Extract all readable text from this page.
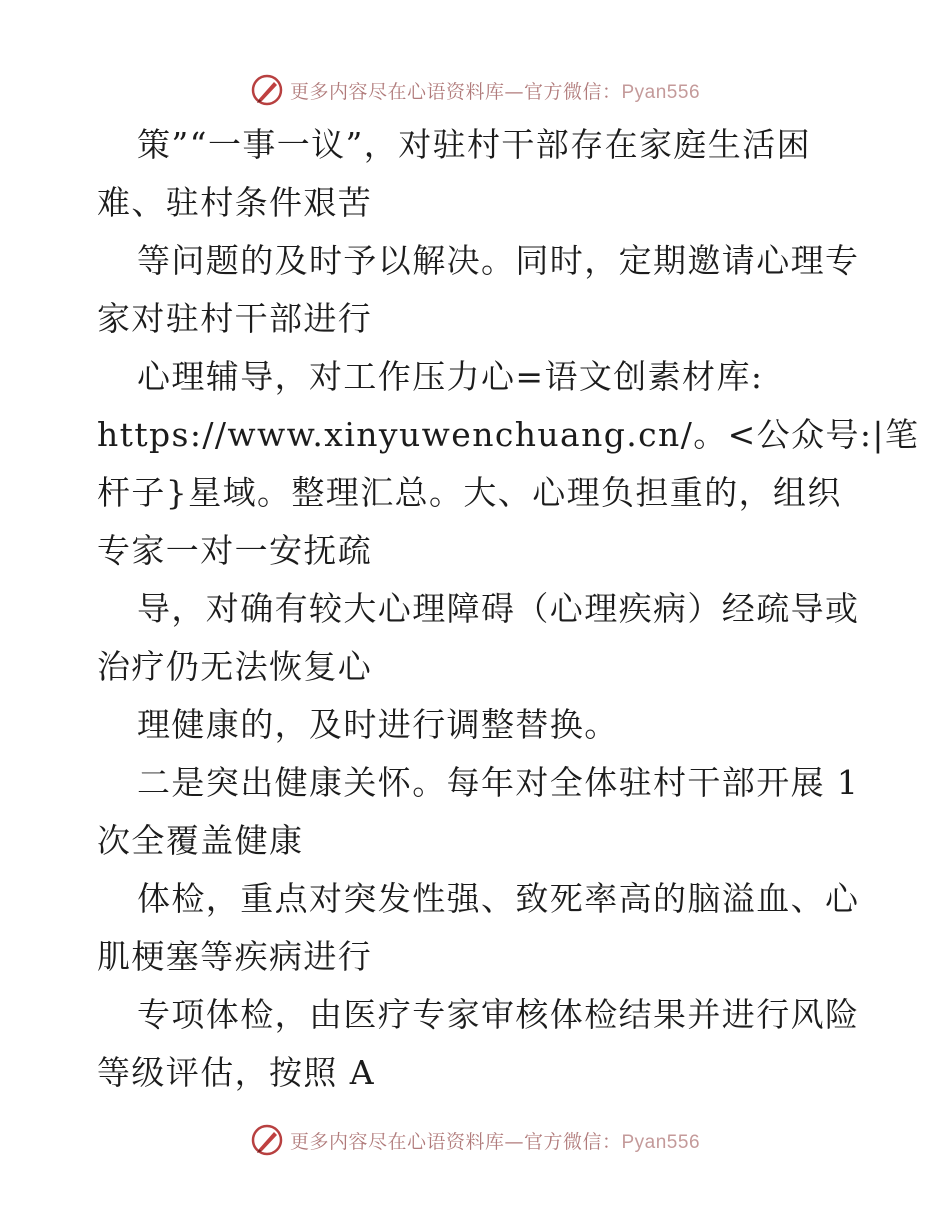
更多内容尽在心语资料库—官方微信：Pyan556
策”“一事一议”，对驻村干部存在家庭生活困
难、驻村条件艰苦
等问题的及时予以解决。同时，定期邀请心理专
家对驻村干部进行
心理辅导，对工作压力心=语文创素材库:
https://www.xinyuwenchuang.cn/。<公众号:|笔
杆子}星域。整理汇总。大、心理负担重的，组织
专家一对一安抚疏
导，对确有较大心理障碍（心理疾病）经疏导或
治疗仍无法恢复心
理健康的，及时进行调整替换。
二是突出健康关怀。每年对全体驻村干部开展 1
次全覆盖健康
体检，重点对突发性强、致死率高的脑溢血、心
肌梗塞等疾病进行
专项体检，由医疗专家审核体检结果并进行风险
等级评估，按照 A
更多内容尽在心语资料库—官方微信：Pyan556
